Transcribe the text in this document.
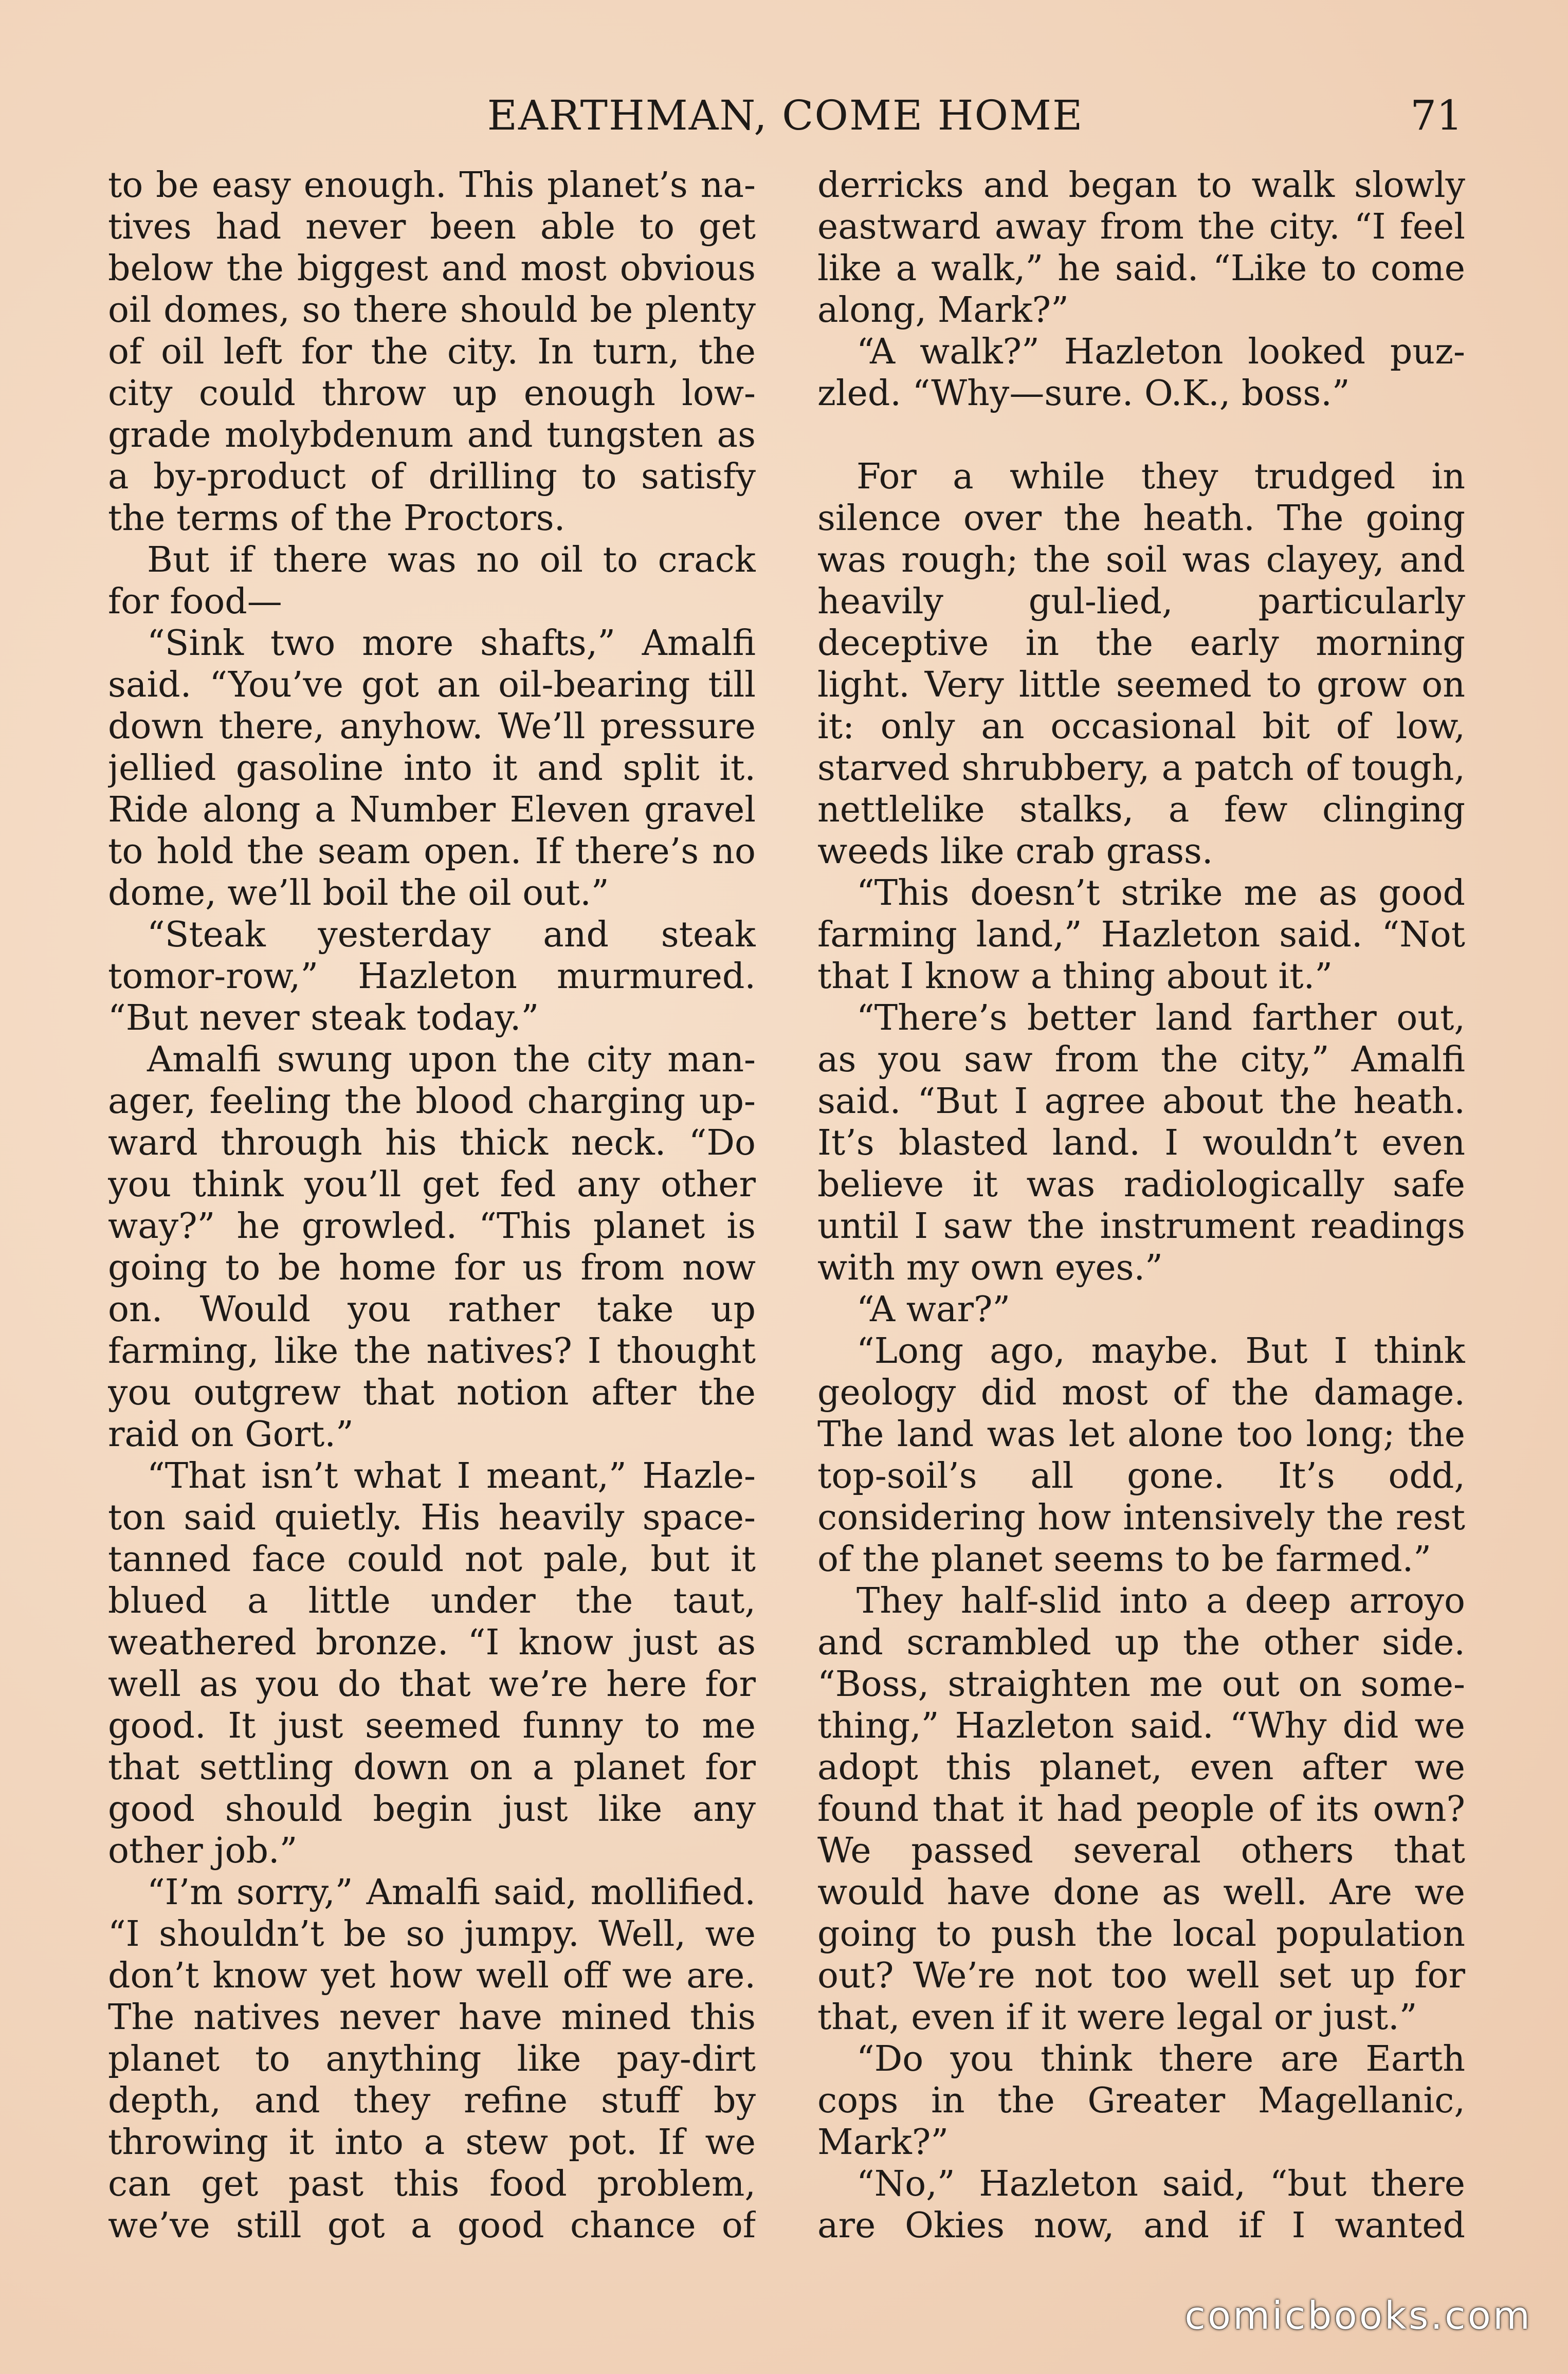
EARTHMAN, COME HOME	71

to be easy enough. This planet’s na-tives had never been able to get below the biggest and most obvious oil domes, so there should be plenty of oil left for the city. In turn, the city could throw up enough low-grade molybdenum and tungsten as a by-product of drilling to satisfy the terms of the Proctors.

But if there was no oil to crack for food—

“Sink two more shafts,” Amalfi said. “You’ve got an oil-bearing till down there, anyhow. We’ll pressure jellied gasoline into it and split it. Ride along a Number Eleven gravel to hold the seam open. If there’s no dome, we’ll boil the oil out.”

“Steak yesterday and steak tomor-row,” Hazleton murmured. “But never steak today.”

Amalfi swung upon the city man-ager, feeling the blood charging up-ward through his thick neck. “Do you think you’ll get fed any other way?” he growled. “This planet is going to be home for us from now on. Would you rather take up farming, like the natives? I thought you outgrew that notion after the raid on Gort.”

“That isn’t what I meant,” Hazle-ton said quietly. His heavily space-tanned face could not pale, but it blued a little under the taut, weathered bronze. “I know just as well as you do that we’re here for good. It just seemed funny to me that settling down on a planet for good should begin just like any other job.”

“I’m sorry,” Amalfi said, mollified. “I shouldn’t be so jumpy. Well, we don’t know yet how well off we are. The natives never have mined this planet to anything like pay-dirt depth, and they refine stuff by throwing it into a stew pot. If we can get past this food problem, we’ve still got a good chance of

derricks and began to walk slowly eastward away from the city. “I feel like a walk,” he said. “Like to come along, Mark?”

“A walk?” Hazleton looked puz-zled. “Why—sure. O.K., boss.”

For a while they trudged in silence over the heath. The going was rough; the soil was clayey, and heavily gul-lied, particularly deceptive in the early morning light. Very little seemed to grow on it: only an occasional bit of low, starved shrubbery, a patch of tough, nettlelike stalks, a few clinging weeds like crab grass.

“This doesn’t strike me as good farming land,” Hazleton said. “Not that I know a thing about it.”

“There’s better land farther out, as you saw from the city,” Amalfi said. “But I agree about the heath. It’s blasted land. I wouldn’t even believe it was radiologically safe until I saw the instrument readings with my own eyes.”

“A war?”

“Long ago, maybe. But I think geology did most of the damage. The land was let alone too long; the top-soil’s all gone. It’s odd, considering how intensively the rest of the planet seems to be farmed.”

They half-slid into a deep arroyo and scrambled up the other side. “Boss, straighten me out on some-thing,” Hazleton said. “Why did we adopt this planet, even after we found that it had people of its own? We passed several others that would have done as well. Are we going to push the local population out? We’re not too well set up for that, even if it were legal or just.”

“Do you think there are Earth cops in the Greater Magellanic, Mark?”

“No,” Hazleton said, “but there are Okies now, and if I wanted

comicbooks.com
